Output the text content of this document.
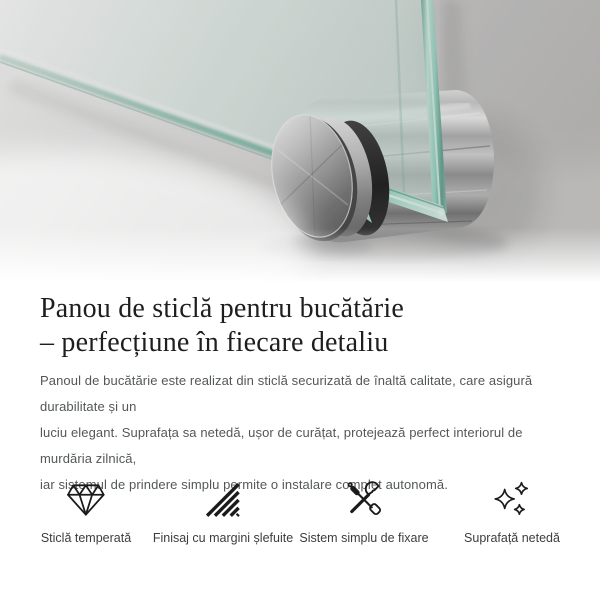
Panou de sticlă pentru bucătărie
– perfecțiune în fiecare detaliu
Panoul de bucătărie este realizat din sticlă securizată de înaltă calitate, care asigură durabilitate și un
luciu elegant. Suprafața sa netedă, ușor de curățat, protejează perfect interiorul de murdăria zilnică,
iar sistemul de prindere simplu permite o instalare complet autonomă.
Sticlă temperată Finisaj cu margini șlefuite Sistem simplu de fixare	Suprafață netedă
